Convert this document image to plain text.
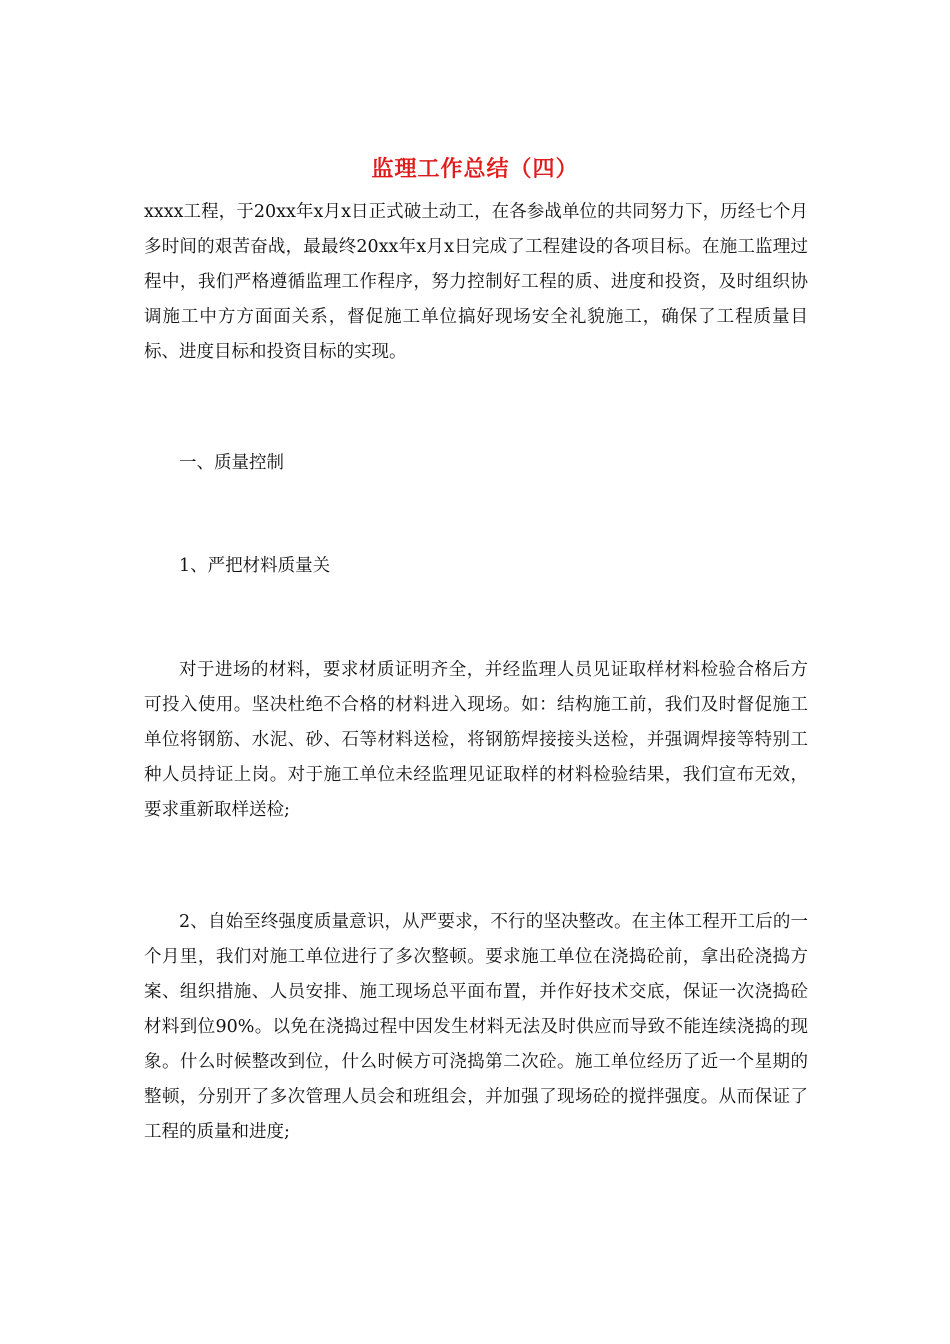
监理工作总结（四）

xxxx工程，于20xx年x月x日正式破土动工，在各参战单位的共同努力下，历经七个月多时间的艰苦奋战，最最终20xx年x月x日完成了工程建设的各项目标。在施工监理过程中，我们严格遵循监理工作程序，努力控制好工程的质、进度和投资，及时组织协调施工中方方面面关系，督促施工单位搞好现场安全礼貌施工，确保了工程质量目标、进度目标和投资目标的实现。

一、质量控制

1、严把材料质量关

对于进场的材料，要求材质证明齐全，并经监理人员见证取样材料检验合格后方可投入使用。坚决杜绝不合格的材料进入现场。如：结构施工前，我们及时督促施工单位将钢筋、水泥、砂、石等材料送检，将钢筋焊接接头送检，并强调焊接等特别工种人员持证上岗。对于施工单位未经监理见证取样的材料检验结果，我们宣布无效，要求重新取样送检;

2、自始至终强度质量意识，从严要求，不行的坚决整改。在主体工程开工后的一个月里，我们对施工单位进行了多次整顿。要求施工单位在浇捣砼前，拿出砼浇捣方案、组织措施、人员安排、施工现场总平面布置，并作好技术交底，保证一次浇捣砼材料到位90%。以免在浇捣过程中因发生材料无法及时供应而导致不能连续浇捣的现象。什么时候整改到位，什么时候方可浇捣第二次砼。施工单位经历了近一个星期的整顿，分别开了多次管理人员会和班组会，并加强了现场砼的搅拌强度。从而保证了工程的质量和进度;
